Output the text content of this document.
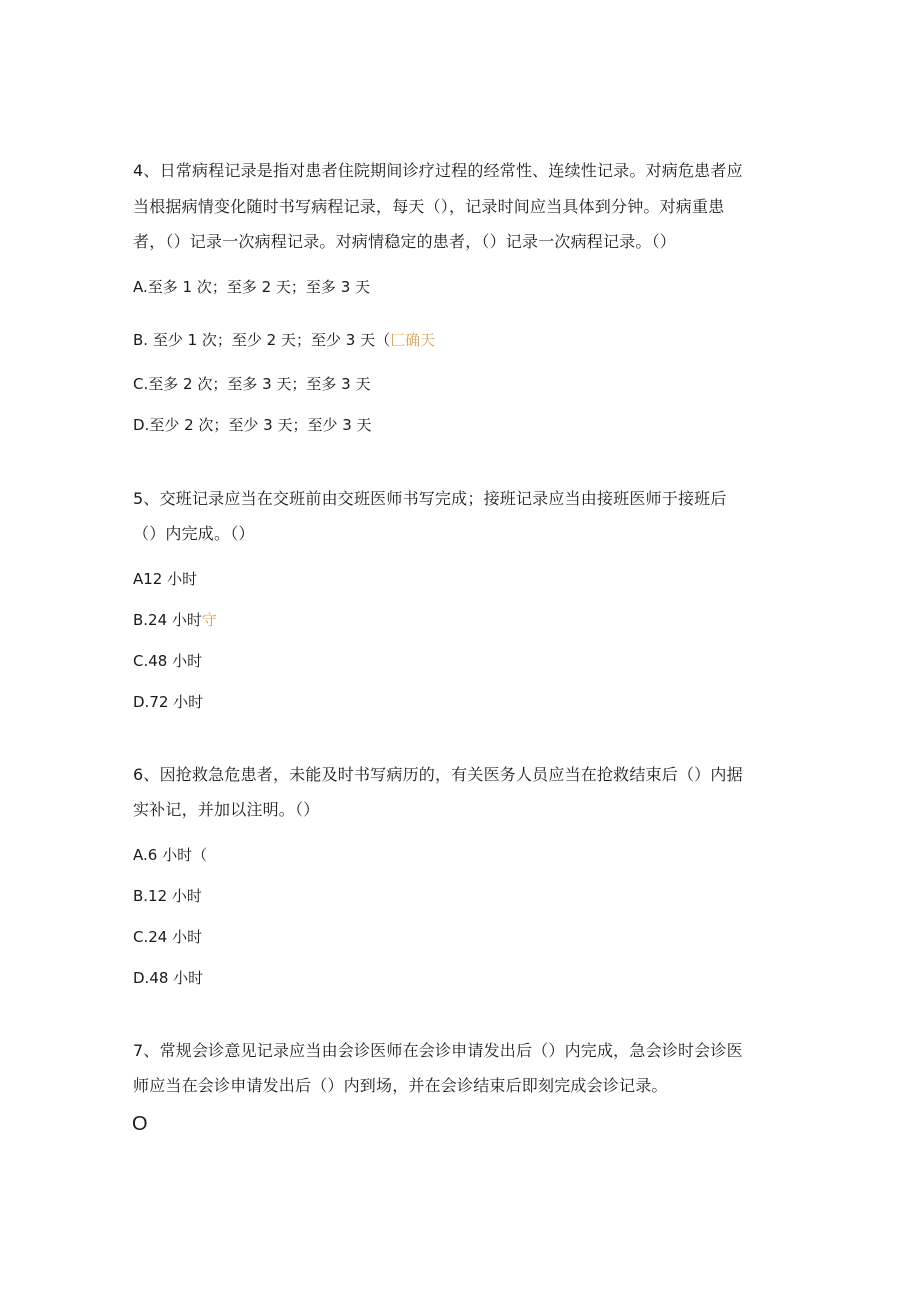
4、日常病程记录是指对患者住院期间诊疗过程的经常性、连续性记录。对病危患者应
当根据病情变化随时书写病程记录，每天（），记录时间应当具体到分钟。对病重患
者，（）记录一次病程记录。对病情稳定的患者，（）记录一次病程记录。（）
A.至多 1 次；至多 2 天；至多 3 天
B. 至少 1 次；至少 2 天；至少 3 天（匚确天
C.至多 2 次；至多 3 天；至多 3 天
D.至少 2 次；至少 3 天；至少 3 天
5、交班记录应当在交班前由交班医师书写完成；接班记录应当由接班医师于接班后
（）内完成。（）
A12 小时
B.24 小时守
C.48 小时
D.72 小时
6、因抢救急危患者，未能及时书写病历的，有关医务人员应当在抢救结束后（）内据
实补记，并加以注明。（）
A.6 小时（
B.12 小时
C.24 小时
D.48 小时
7、常规会诊意见记录应当由会诊医师在会诊申请发出后（）内完成，急会诊时会诊医
师应当在会诊申请发出后（）内到场，并在会诊结束后即刻完成会诊记录。
O
